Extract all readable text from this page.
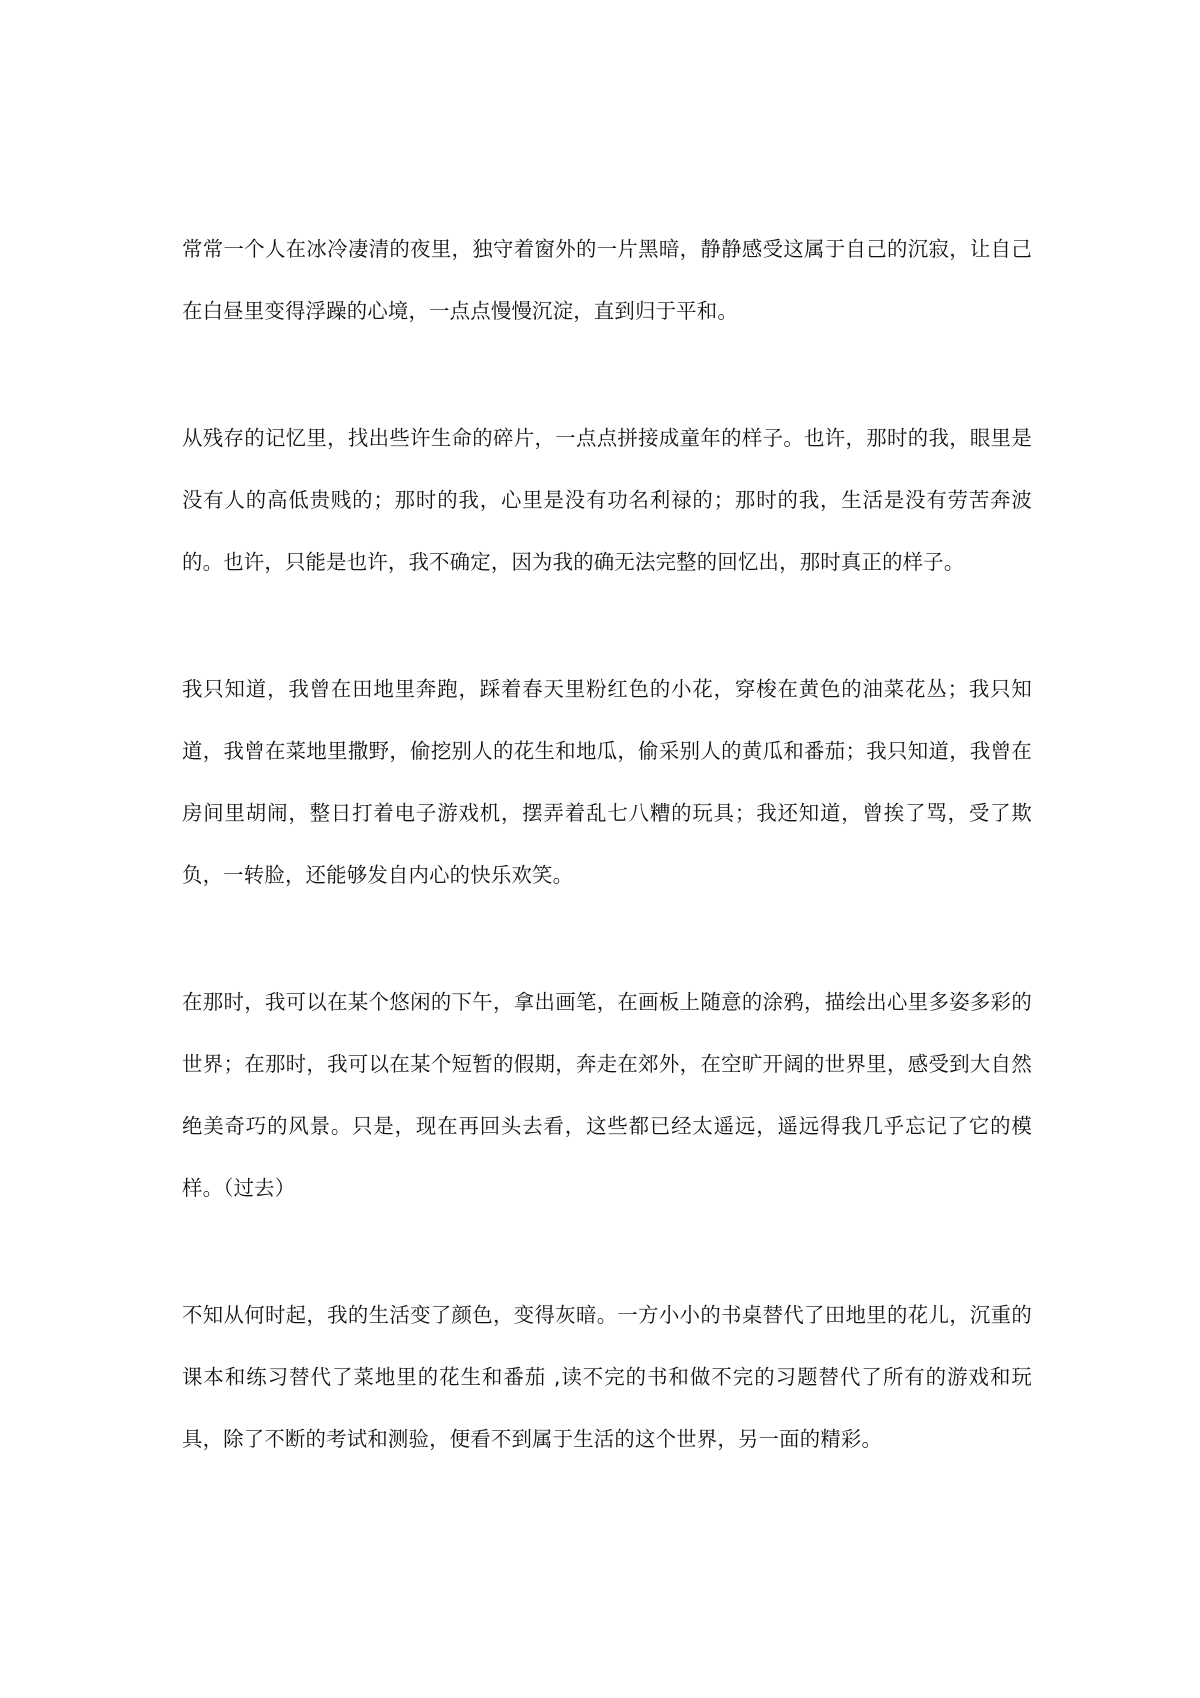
常常一个人在冰冷凄清的夜里，独守着窗外的一片黑暗，静静感受这属于自己的沉寂，让自己在白昼里变得浮躁的心境，一点点慢慢沉淀，直到归于平和。

从残存的记忆里，找出些许生命的碎片，一点点拼接成童年的样子。也许，那时的我，眼里是没有人的高低贵贱的；那时的我，心里是没有功名利禄的；那时的我，生活是没有劳苦奔波的。也许，只能是也许，我不确定，因为我的确无法完整的回忆出，那时真正的样子。

我只知道，我曾在田地里奔跑，踩着春天里粉红色的小花，穿梭在黄色的油菜花丛；我只知道，我曾在菜地里撒野，偷挖别人的花生和地瓜，偷采别人的黄瓜和番茄；我只知道，我曾在房间里胡闹，整日打着电子游戏机，摆弄着乱七八糟的玩具；我还知道，曾挨了骂，受了欺负，一转脸，还能够发自内心的快乐欢笑。

在那时，我可以在某个悠闲的下午，拿出画笔，在画板上随意的涂鸦，描绘出心里多姿多彩的世界；在那时，我可以在某个短暂的假期，奔走在郊外，在空旷开阔的世界里，感受到大自然绝美奇巧的风景。只是，现在再回头去看，这些都已经太遥远，遥远得我几乎忘记了它的模样。（过去）

不知从何时起，我的生活变了颜色，变得灰暗。一方小小的书桌替代了田地里的花儿，沉重的课本和练习替代了菜地里的花生和番茄 ,读不完的书和做不完的习题替代了所有的游戏和玩具，除了不断的考试和测验，便看不到属于生活的这个世界，另一面的精彩。
